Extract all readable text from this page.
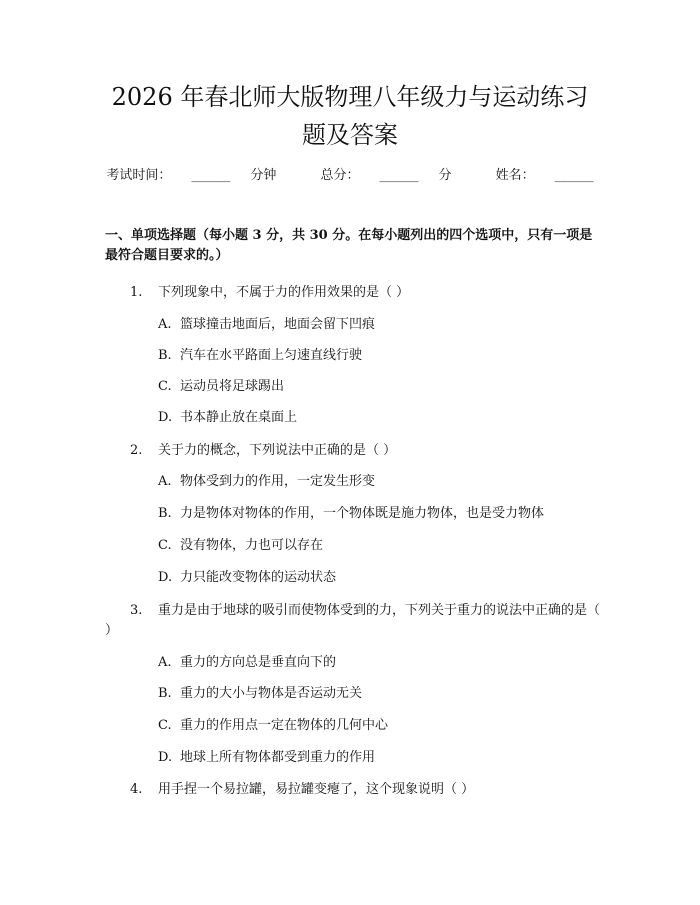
2026 年春北师大版物理八年级力与运动练习
题及答案
考试时间： ______ 分钟	总分： ______ 分	姓名： ______
一、单项选择题（每小题 3 分，共 30 分。在每小题列出的四个选项中，只有一项是最符合题目要求的。）
1. 下列现象中，不属于力的作用效果的是（ ）
A. 篮球撞击地面后，地面会留下凹痕
B. 汽车在水平路面上匀速直线行驶
C. 运动员将足球踢出
D. 书本静止放在桌面上
2. 关于力的概念，下列说法中正确的是（ ）
A. 物体受到力的作用，一定发生形变
B. 力是物体对物体的作用，一个物体既是施力物体，也是受力物体
C. 没有物体，力也可以存在
D. 力只能改变物体的运动状态
3. 重力是由于地球的吸引而使物体受到的力，下列关于重力的说法中正确的是（ ）
A. 重力的方向总是垂直向下的
B. 重力的大小与物体是否运动无关
C. 重力的作用点一定在物体的几何中心
D. 地球上所有物体都受到重力的作用
4. 用手捏一个易拉罐，易拉罐变瘪了，这个现象说明（ ）
